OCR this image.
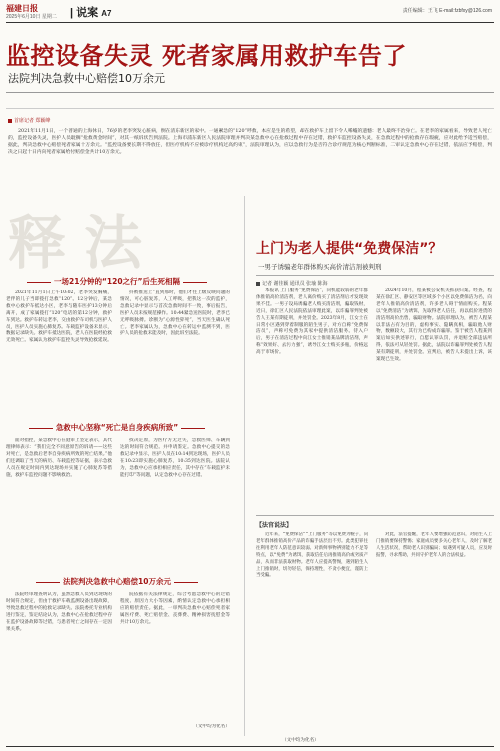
福建日报
2025年6月10日 星期二 | 说案 A7	责任编辑：王飞 E-mail:fzbfxy@126.com
监控设备失灵 死者家属用救护车告了
法院判决急救中心赔偿10万余元
首席记者 郑颖峰
2021年11月1日，一个普通的上海休日，76岁的老李突发心脏病，倒在清东新区的家中。一通紧急的“120”呼救，本应是生的希望，却在救护车上留下令人唏嘘的遗憾：老人最终不治身亡。在老李的家属看来，导致老人死亡的，监控设备失灵，医护人员耽搁“抢救黄金时间”，对其一纸诉状告到法院。上海市浦东新区人民法院审理并判决某急救中心在抢救过程中存在过错，救护车监控设备失灵，在急救过程中的抢救存在瑕疵，应对此给予适当赔偿，据此，判决急救中心赔偿死者家属十万余元。“监控设备要长期不得放任，但医疗机构不应被诊疗机构过高约束”，法院审理认为，应以急救行为是否符合诊疗规范为核心判断标准，二审认定急救中心存在过错，依法应予赔偿，判决之日起十日内向死者家属给付赔偿金共计10万余元。
释法
一场21分钟的“120之行”后生死相隔

2021年11月1日上午10:02，老李突发胸痛，老伴的儿子当即拨打急救“120”。12分钟后，某急救中心救护车抵达小区，老李与随车医护13分钟后离开，成了家属拨打“120”电话的第12分钟，救护车到达。救护车转运老李，交由救护车司机与医护人员，医护人员实施心肺复苏。车载监护设备未显示，数据记录缺失。救护车抵达医院，老人在医院经抢救无效死亡。家属认为救护车监控失灵导致抢救延误。

抖被推送上“直到那时，他们才往上级反映问题的情况，可心脏复苏，人工呼吸，把我这一次的监护，急救记录中显示与首次急救时间不一致，事后报告，医护人员未按规范操作。10:44紧急送医院时，老李已无呼吸脉搏。诊断为“心源性猝死”，当天医生确认死亡。老李家属认为，急救中心在转运中监测不到，医护人员的抢救未能及时，因此诉至法院。

急救中心坚称“死亡是自身疾病所致”

面对指控，某急救中心在庭审上坚定表示，其代理律师表示：“我们完全不同意原告的诉请——这些对死亡，是急救后老李自身疾病所致的死亡结果。”他们还调取了当天的病历、车载监控等证据，表示急救人员在规定时间内到达现场并实施了心肺复苏等措施，救护车监控问题不影响救治。

找决定原，为医疗方无过失，急救医师、车辆到达的时间符合规范。并申请鉴定。急救中心提交的急救记录中显示，医护人员在10:14到达现场，医护人员在10:23即实施心肺复苏，10:35到达医院。法院认为，急救中心应承担相应责任，其中存在“车载监护未能打印”等问题，认定急救中心存在过错。

法院判决急救中心赔偿10万余元

法院经审理查明认为，虽然急救人员到达现场的时间符合规定，但由于救护车载监测设备出现故障，导致急救过程中的抢救记录缺失。法院委托专业机构进行鉴定，鉴定结论认为，急救中心在抢救过程中存在监护设备故障等过错，与患者死亡之间存在一定因果关系。

院依据有关法律规定，综合考虑急救中心的过错程度、原因力大小等因素，酌情认定急救中心承担相应的赔偿责任。据此，一审判决急救中心赔偿死者家属医疗费、死亡赔偿金、丧葬费、精神损害抚慰金等共计10万余元。

（文中均为化名）
上门为老人提供“免费保洁”？
一男子诱骗老年群体购买高价清洁剂被判刑
记者 谢佳颖 通讯员 张瑜 陈海

本报讯 上门服务“免费保洁”，向机能较弱的老年群体推销高价清洁剂，老人离价购买了清洁剂后才发现效果不佳。一男子设局诱骗老人购买清洁剂，骗取钱财，近日，徐汇区人民法院依法审理此案，以诈骗罪判处被告人王某有期徒刑，并处罚金。2023年8月，江女士在日常小区遇到穿着制服的陌生男子，对方自称“免费保洁员”，声称可免费为其家中提供清洁服务。待入户后，男子在清洁过程中向江女士推销某品牌清洁剂，声称“效果好、去污力强”，诱导江女士购买多瓶，价格远高于市场价。

2024年10月，程某被公安机关抓获归案。经查，程某在徐汇区、静安区等区域多个小区以免费保洁为名，向老年人推销高价清洁剂，许多老人碍于情面购买。程某以“免费清洁”为诱饵，先取得老人信任，再以低价进货的清洁剂高价出售，骗取财物。法院审理认为，被告人程某以非法占有为目的，虚构事实、隐瞒真相，骗取他人财物，数额较大，其行为已构成诈骗罪。鉴于被告人程某到案后如实供述罪行，自愿认罪认罚，并退赔全部违法所得，依法可从轻处罚。据此，法院以诈骗罪判处被告人程某有期徒刑，并处罚金。宣判后，被告人未提出上诉，该案现已生效。

【法官说法】

近年来，“免费保洁”“上门服务”等以免费为幌子，向老年群体推销高价产品的诈骗手法层出不穷。此类犯罪往往利用老年人防范意识较弱、对新鲜事物辨别能力不足等特点，以“免费”为诱饵，获取信任后再推销高价或劣质产品，从而非法获取财物。老年人应提高警惕，遇到陌生人上门推销时，切勿轻信，保持理性，不贪小便宜，谨防上当受骗。

对此，法官提醒，老年人要增强防范意识，对陌生人上门推销要保持警惕；家庭成员要多关心老年人，及时了解老人生活状况，帮助老人识别骗局；如遇到可疑人员，应及时报警，寻求帮助，共同守护老年人的合法权益。

（文中均为化名）
